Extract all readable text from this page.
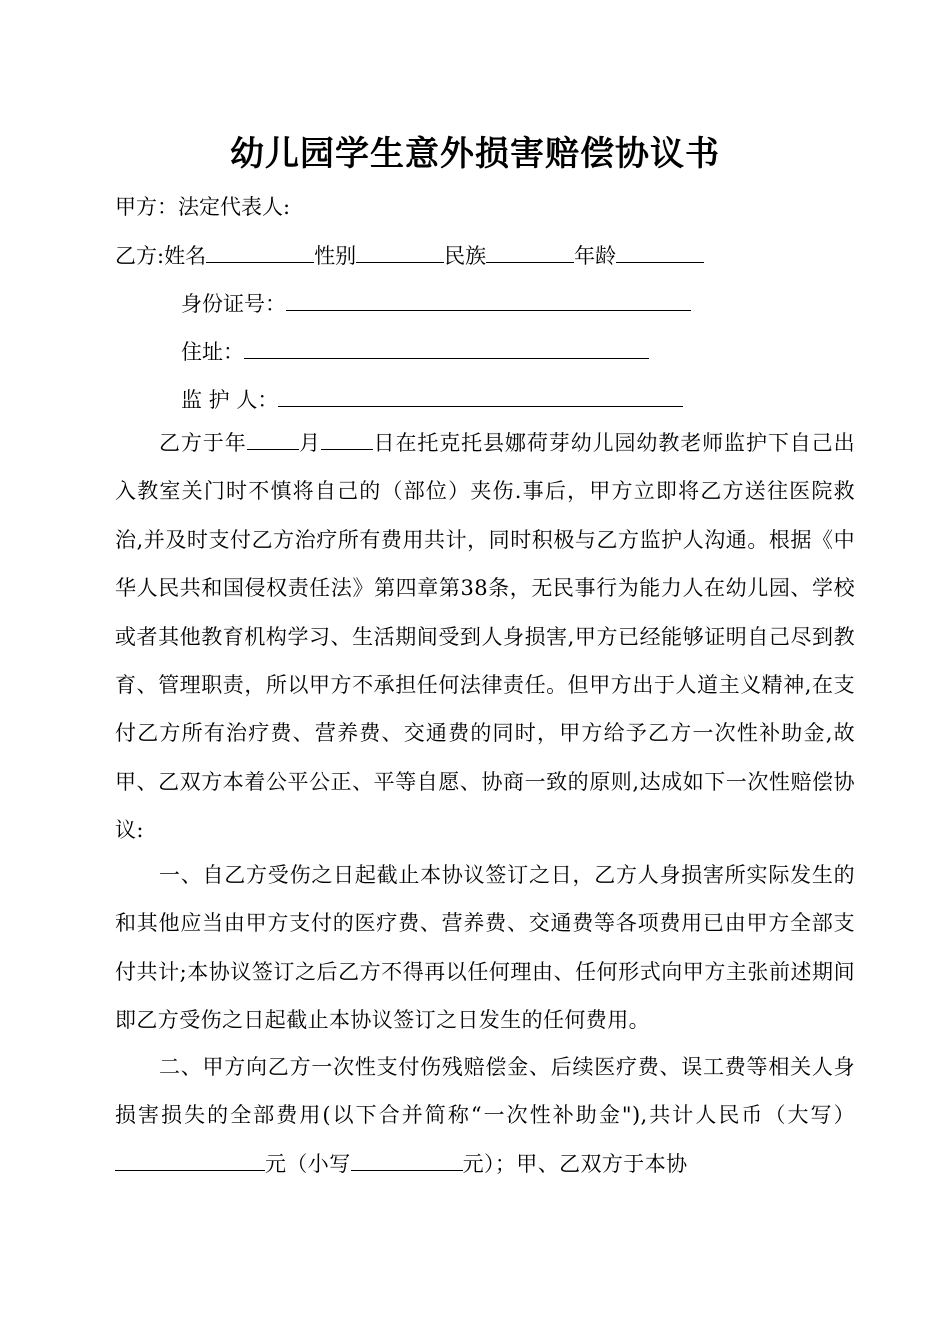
幼儿园学生意外损害赔偿协议书
甲方：法定代表人:
乙方:姓名	性别	民族	年龄
身份证号：
住址：
监 护 人：
乙方于年 月 日在托克托县娜荷芽幼儿园幼教老师监护下自己出入教室关门时不慎将自己的（部位）夹伤.事后，甲方立即将乙方送往医院救治,并及时支付乙方治疗所有费用共计，同时积极与乙方监护人沟通。根据《中华人民共和国侵权责任法》第四章第38条，无民事行为能力人在幼儿园、学校或者其他教育机构学习、生活期间受到人身损害,甲方已经能够证明自己尽到教育、管理职责，所以甲方不承担任何法律责任。但甲方出于人道主义精神,在支付乙方所有治疗费、营养费、交通费的同时，甲方给予乙方一次性补助金,故甲、乙双方本着公平公正、平等自愿、协商一致的原则,达成如下一次性赔偿协议:
一、自乙方受伤之日起截止本协议签订之日，乙方人身损害所实际发生的和其他应当由甲方支付的医疗费、营养费、交通费等各项费用已由甲方全部支付共计;本协议签订之后乙方不得再以任何理由、任何形式向甲方主张前述期间即乙方受伤之日起截止本协议签订之日发生的任何费用。
二、甲方向乙方一次性支付伤残赔偿金、后续医疗费、误工费等相关人身损害损失的全部费用(以下合并简称“一次性补助金"),共计人民币（大写）元（小写	元）；甲、乙双方于本协
